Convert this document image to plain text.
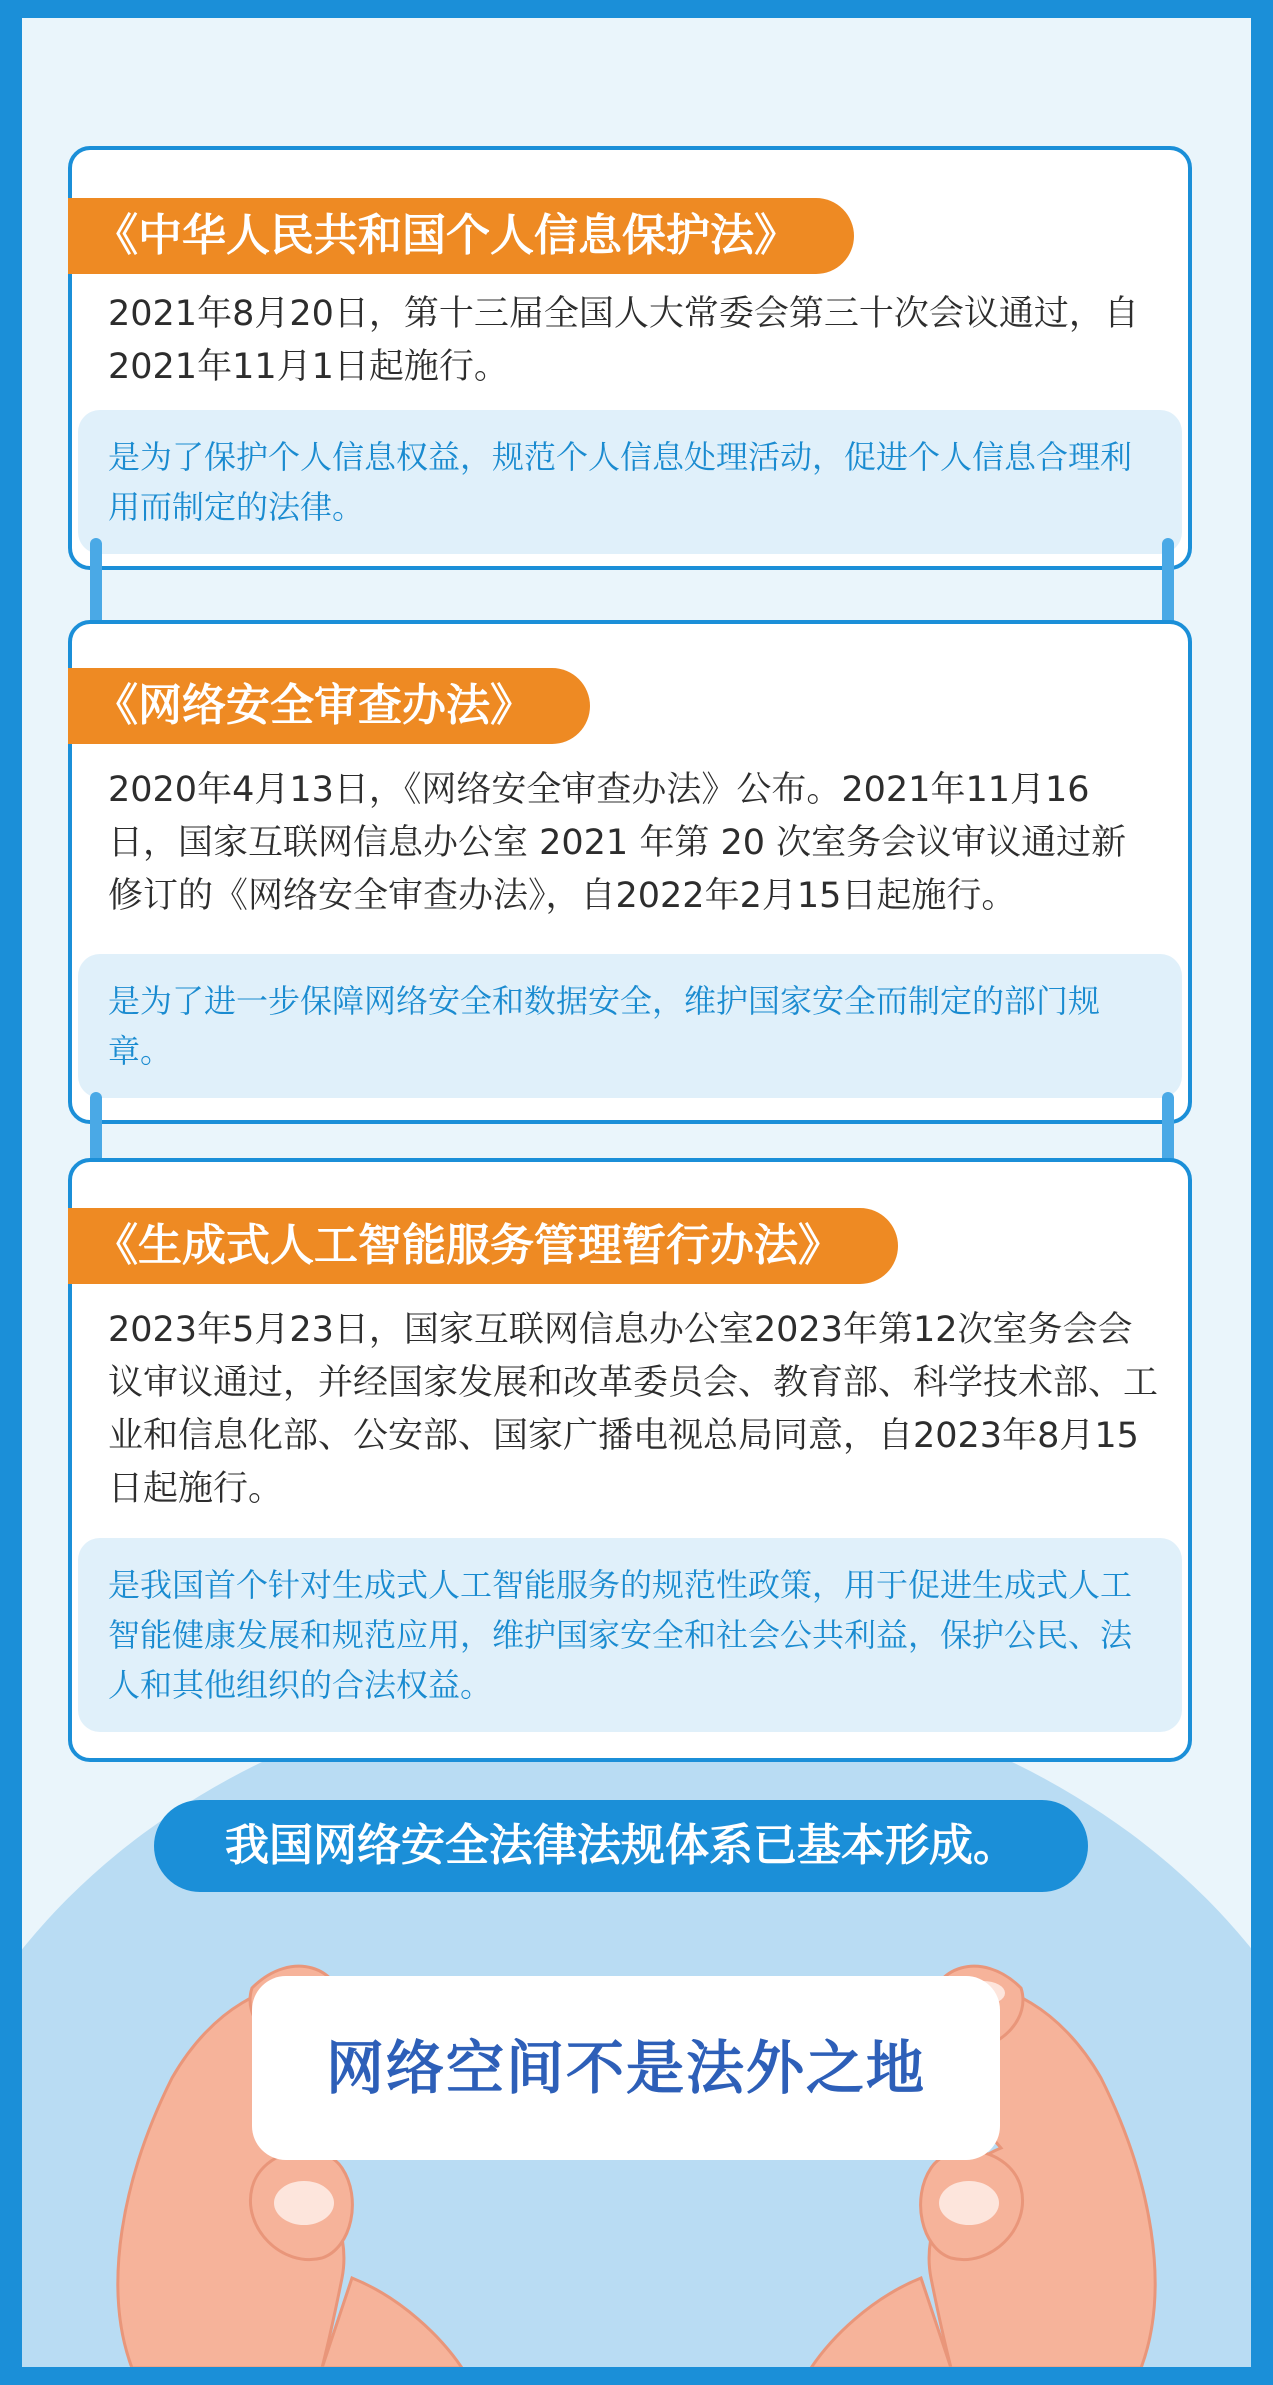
《中华人民共和国个人信息保护法》
2021年8月20日，第十三届全国人大常委会第三十次会议通过，自2021年11月1日起施行。
是为了保护个人信息权益，规范个人信息处理活动，促进个人信息合理利用而制定的法律。
《网络安全审查办法》
2020年4月13日，《网络安全审查办法》公布。2021年11月16日，国家互联网信息办公室 2021 年第 20 次室务会议审议通过新修订的《网络安全审查办法》，自2022年2月15日起施行。
是为了进一步保障网络安全和数据安全，维护国家安全而制定的部门规章。
《生成式人工智能服务管理暂行办法》
2023年5月23日，国家互联网信息办公室2023年第12次室务会会议审议通过，并经国家发展和改革委员会、教育部、科学技术部、工业和信息化部、公安部、国家广播电视总局同意，自2023年8月15日起施行。
是我国首个针对生成式人工智能服务的规范性政策，用于促进生成式人工智能健康发展和规范应用，维护国家安全和社会公共利益，保护公民、法人和其他组织的合法权益。
我国网络安全法律法规体系已基本形成。
网络空间不是法外之地
